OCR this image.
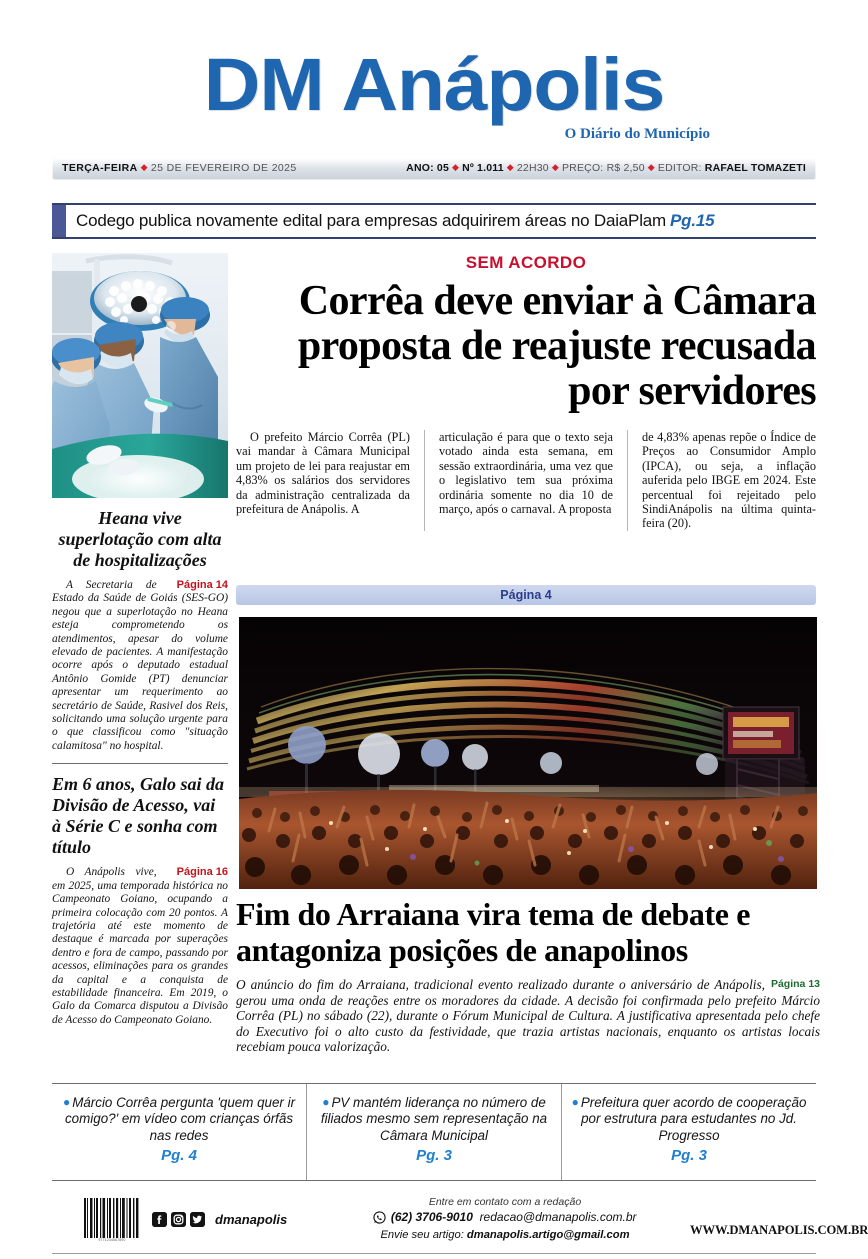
DM Anápolis
O Diário do Município
TERÇA-FEIRA ◆ 25 DE FEVEREIRO DE 2025	ANO: 05 ◆ Nº 1.011 ◆ 22H30 ◆ PREÇO: R$ 2,50 ◆ EDITOR: RAFAEL TOMAZETI
Codego publica novamente edital para empresas adquirirem áreas no DaiaPlam Pg.15
Heana vive superlotação com alta de hospitalizações
Página 14
A Secretaria de Estado da Saúde de Goiás (SES-GO) negou que a superlotação no Heana esteja comprometendo os atendimentos, apesar do volume elevado de pacientes. A manifestação ocorre após o deputado estadual Antônio Gomide (PT) denunciar apresentar um requerimento ao secretário de Saúde, Rasivel dos Reis, solicitando uma solução urgente para o que classificou como "situação calamitosa" no hospital.
Em 6 anos, Galo sai da Divisão de Acesso, vai à Série C e sonha com título
Página 16
O Anápolis vive, em 2025, uma temporada histórica no Campeonato Goiano, ocupando a primeira colocação com 20 pontos. A trajetória até este momento de destaque é marcada por superações dentro e fora de campo, passando por acessos, eliminações para os grandes da capital e a conquista de estabilidade financeira. Em 2019, o Galo da Comarca disputou a Divisão de Acesso do Campeonato Goiano.
SEM ACORDO
Corrêa deve enviar à Câmara proposta de reajuste recusada por servidores
O prefeito Márcio Corrêa (PL) vai mandar à Câmara Municipal um projeto de lei para reajustar em 4,83% os salários dos servidores da administração centralizada da prefeitura de Anápolis. A
articulação é para que o texto seja votado ainda esta semana, em sessão extraordinária, uma vez que o legislativo tem sua próxima ordinária somente no dia 10 de março, após o carnaval. A proposta
de 4,83% apenas repõe o Índice de Preços ao Consumidor Amplo (IPCA), ou seja, a inflação auferida pelo IBGE em 2024. Este percentual foi rejeitado pelo SindiAnápolis na última quinta-feira (20).
Página 4
Fim do Arraiana vira tema de debate e antagoniza posições de anapolinos
Página 13
O anúncio do fim do Arraiana, tradicional evento realizado durante o aniversário de Anápolis, gerou uma onda de reações entre os moradores da cidade. A decisão foi confirmada pelo prefeito Márcio Corrêa (PL) no sábado (22), durante o Fórum Municipal de Cultura. A justificativa apresentada pelo chefe do Executivo foi o alto custo da festividade, que trazia artistas nacionais, enquanto os artistas locais recebiam pouca valorização.
● Márcio Corrêa pergunta 'quem quer ir comigo?' em vídeo com crianças órfãs nas redes
Pg. 4
● PV mantém liderança no número de filiados mesmo sem representação na Câmara Municipal
Pg. 3
● Prefeitura quer acordo de cooperação por estrutura para estudantes no Jd. Progresso
Pg. 3
9771234567890
dmanapolis
Entre em contato com a redação
(62) 3706-9010 redacao@dmanapolis.com.br
Envie seu artigo: dmanapolis.artigo@gmail.com	WWW.DMANAPOLIS.COM.BR
